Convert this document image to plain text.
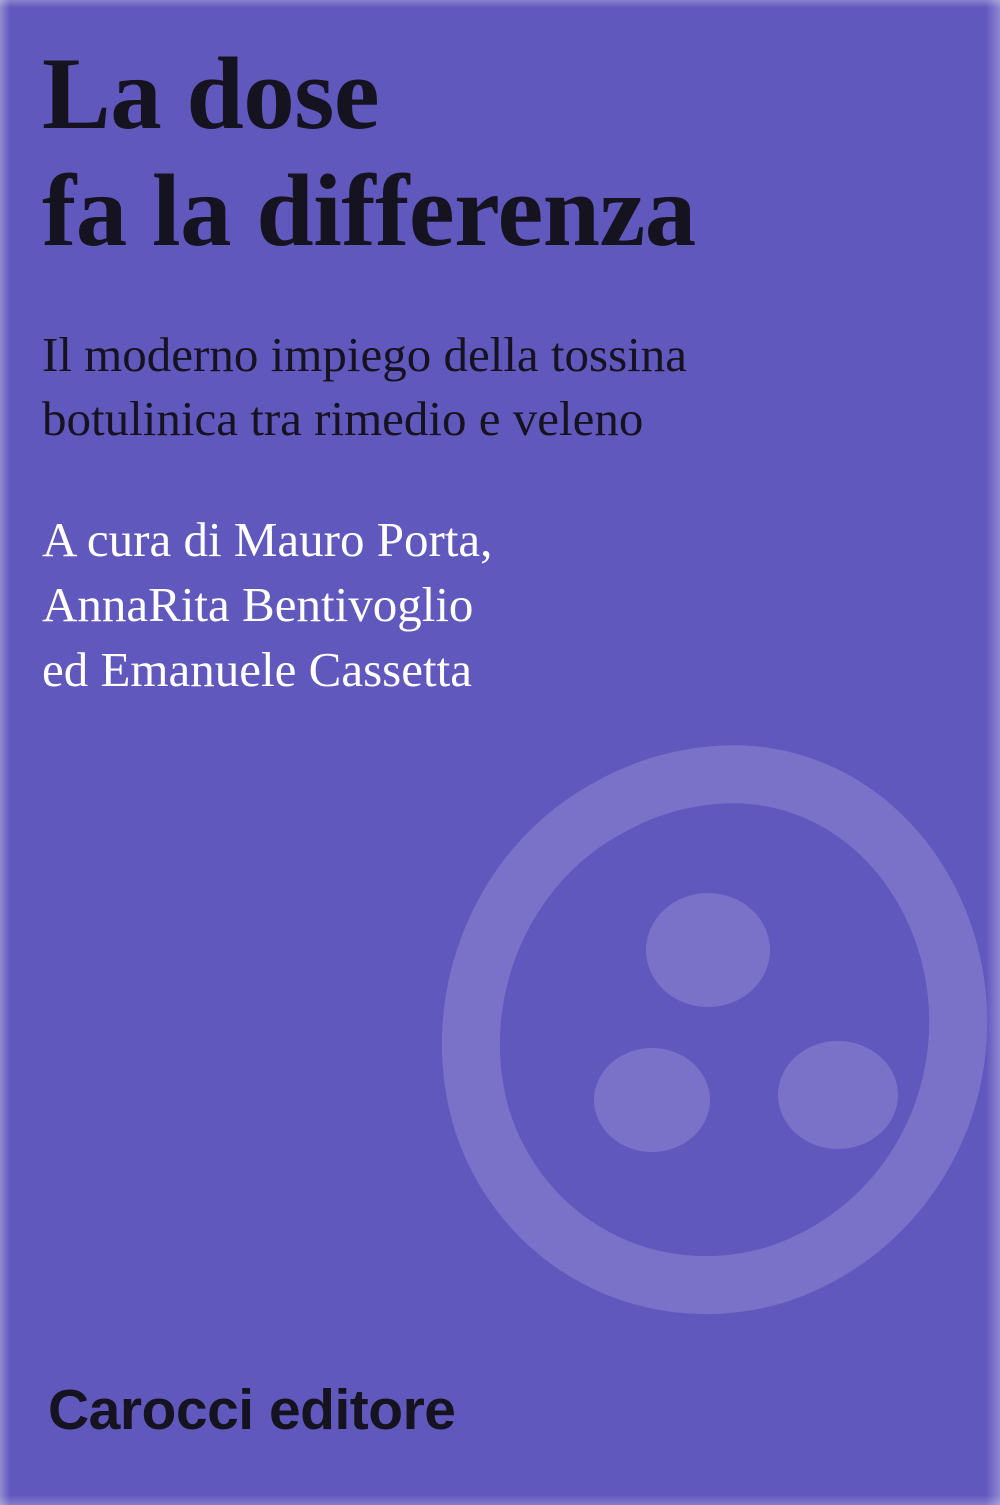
La dose
fa la differenza
Il moderno impiego della tossina
botulinica tra rimedio e veleno
A cura di Mauro Porta,
AnnaRita Bentivoglio
ed Emanuele Cassetta
Carocci editore
